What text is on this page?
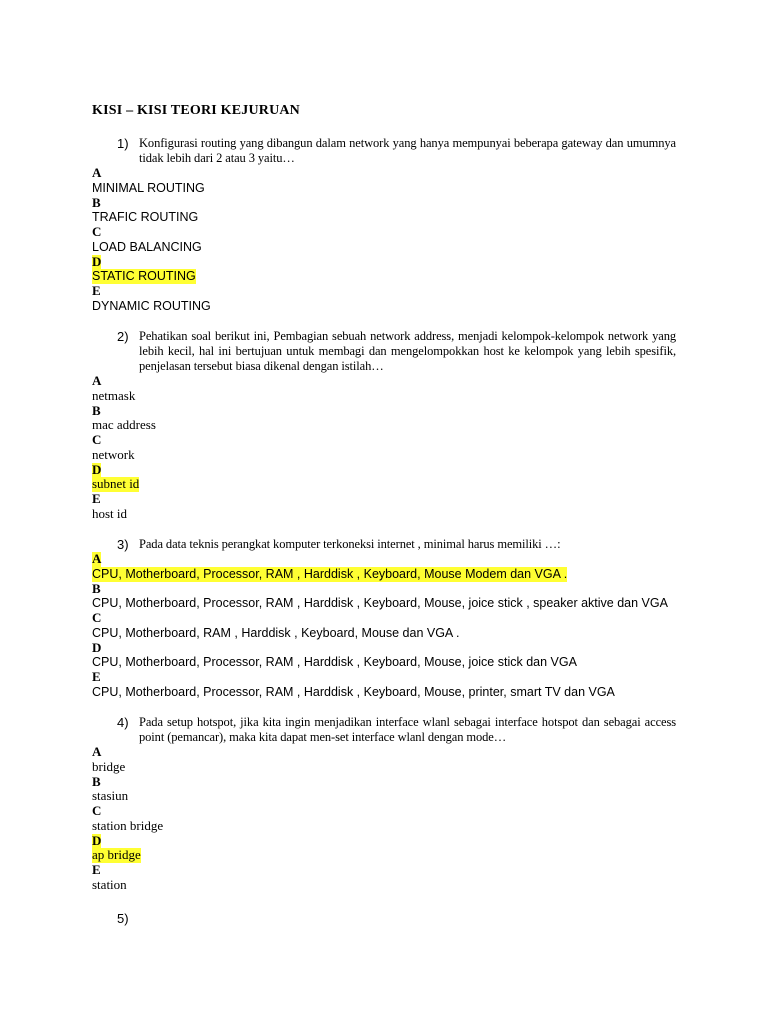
KISI – KISI TEORI KEJURUAN
1) Konfigurasi routing yang dibangun dalam network yang hanya mempunyai beberapa gateway dan umumnya tidak lebih dari 2 atau 3 yaitu…
A
MINIMAL ROUTING
B
TRAFIC ROUTING
C
LOAD BALANCING
D
STATIC ROUTING
E
DYNAMIC ROUTING
2) Pehatikan soal berikut ini, Pembagian sebuah network address, menjadi kelompok-kelompok network yang lebih kecil, hal ini bertujuan untuk membagi dan mengelompokkan host ke kelompok yang lebih spesifik, penjelasan tersebut biasa dikenal dengan istilah…
A
netmask
B
mac address
C
network
D
subnet id
E
host id
3) Pada data teknis perangkat komputer terkoneksi internet , minimal harus memiliki …:
A
CPU, Motherboard, Processor, RAM , Harddisk , Keyboard, Mouse Modem dan VGA .
B
CPU, Motherboard, Processor, RAM , Harddisk , Keyboard, Mouse, joice stick , speaker aktive dan VGA
C
CPU, Motherboard, RAM , Harddisk , Keyboard, Mouse dan VGA .
D
CPU, Motherboard, Processor, RAM , Harddisk , Keyboard, Mouse, joice stick dan VGA
E
CPU, Motherboard, Processor, RAM , Harddisk , Keyboard, Mouse, printer, smart TV dan VGA
4) Pada setup hotspot, jika kita ingin menjadikan interface wlanl sebagai interface hotspot dan sebagai access point (pemancar), maka kita dapat men-set interface wlanl dengan mode…
A
bridge
B
stasiun
C
station bridge
D
ap bridge
E
station
5)
